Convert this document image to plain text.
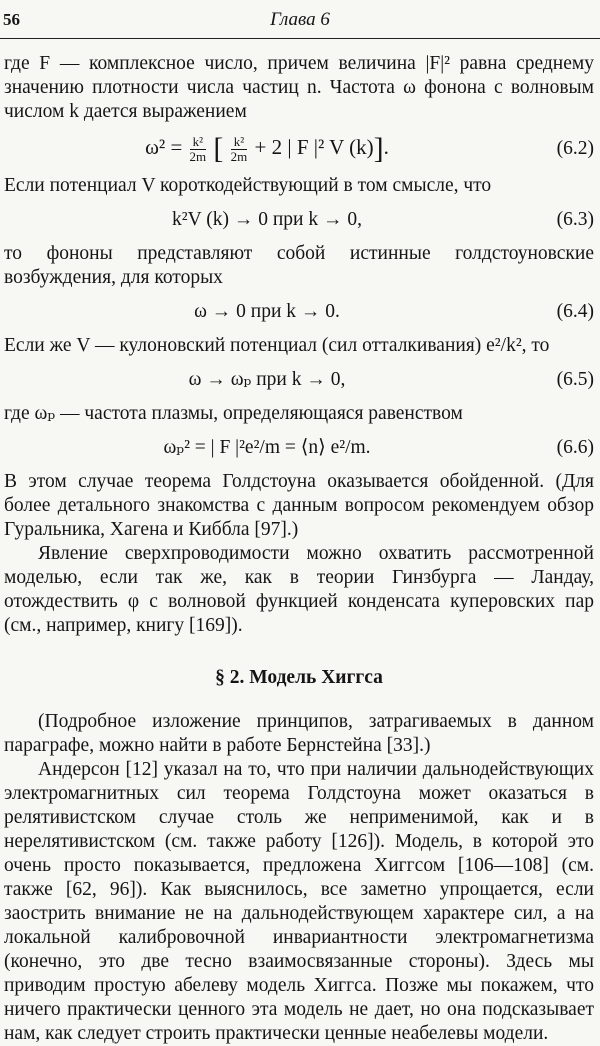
56	Глава 6

где F — комплексное число, причем величина |F|² равна среднему значению плотности числа частиц n. Частота ω фонона с волновым числом k дается выражением

$\omega^2 = \frac{\text{k²}}{2m}$ [ $\frac{\text{k²}}{2m} + 2$ | F |² V (k)].	(6.2)

Если потенциал V короткодействующий в том смысле, что

k²V (k) → 0 при k → 0,	(6.3)

то фононы представляют собой истинные голдстоуновские возбуждения, для которых

ω → 0 при k → 0.	(6.4)

Если же V — кулоновский потенциал (сил отталкивания) e²/k², то

ω → ωₚ при k → 0,	(6.5)

где ωₚ — частота плазмы, определяющаяся равенством

ωₚ² = | F |²e²/m = ⟨n⟩ e²/m.	(6.6)

В этом случае теорема Голдстоуна оказывается обойденной. (Для более детального знакомства с данным вопросом рекомендуем обзор Гуральника, Хагена и Киббла [97].)

Явление сверхпроводимости можно охватить рассмотренной моделью, если так же, как в теории Гинзбурга — Ландау, отождествить φ с волновой функцией конденсата куперовских пар (см., например, книгу [169]).

§ 2. Модель Хиггса

(Подробное изложение принципов, затрагиваемых в данном параграфе, можно найти в работе Бернстейна [33].)

Андерсон [12] указал на то, что при наличии дальнодействующих электромагнитных сил теорема Голдстоуна может оказаться в релятивистском случае столь же неприменимой, как и в нерелятивистском (см. также работу [126]). Модель, в которой это очень просто показывается, предложена Хиггсом [106—108] (см. также [62, 96]). Как выяснилось, все заметно упрощается, если заострить внимание не на дальнодействующем характере сил, а на локальной калибровочной инвариантности электромагнетизма (конечно, это две тесно взаимосвязанные стороны). Здесь мы приводим простую абелеву модель Хиггса. Позже мы покажем, что ничего практически ценного эта модель не дает, но она подсказывает нам, как следует строить практически ценные неабелевы модели.
